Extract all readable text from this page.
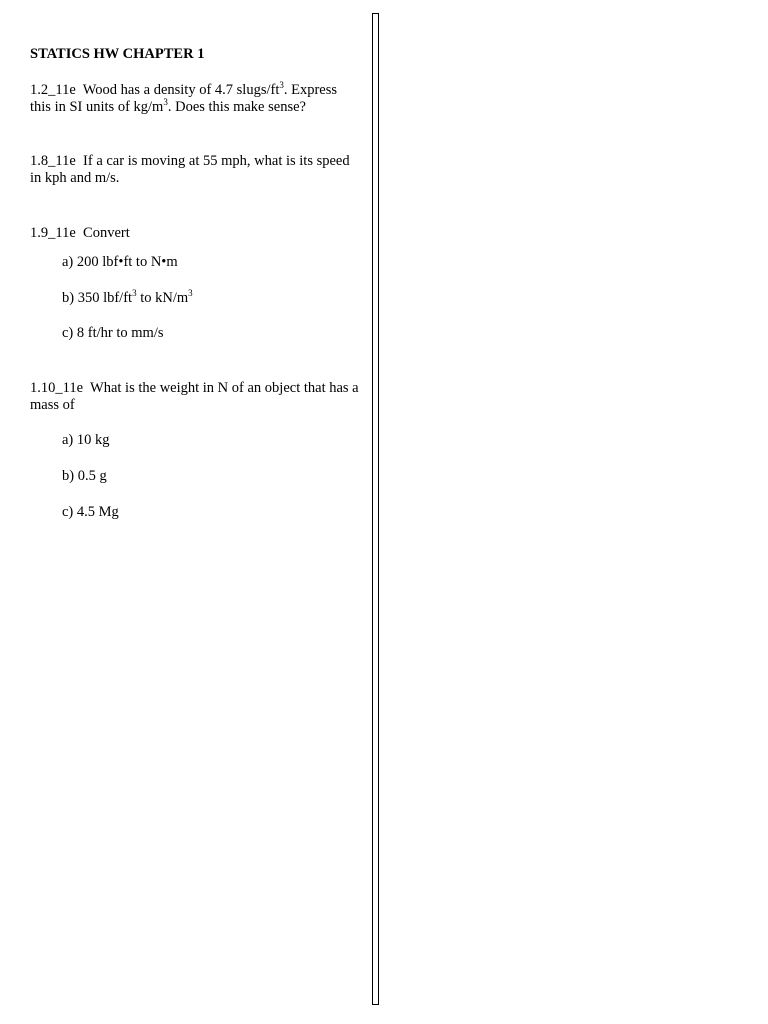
STATICS HW CHAPTER 1
1.2_11e Wood has a density of 4.7 slugs/$ft^3$. Express this in SI units of $kg/m^3$. Does this make sense?
1.8_11e If a car is moving at 55 mph, what is its speed in kph and m/s.
1.9_11e Convert
a) 200 lbf•ft to N•m
b) 350 lbf/$ft^3$ to $kN/m^3$
c) 8 ft/hr to mm/s
1.10_11e What is the weight in N of an object that has a mass of
a) 10 kg
b) 0.5 g
c) 4.5 Mg
